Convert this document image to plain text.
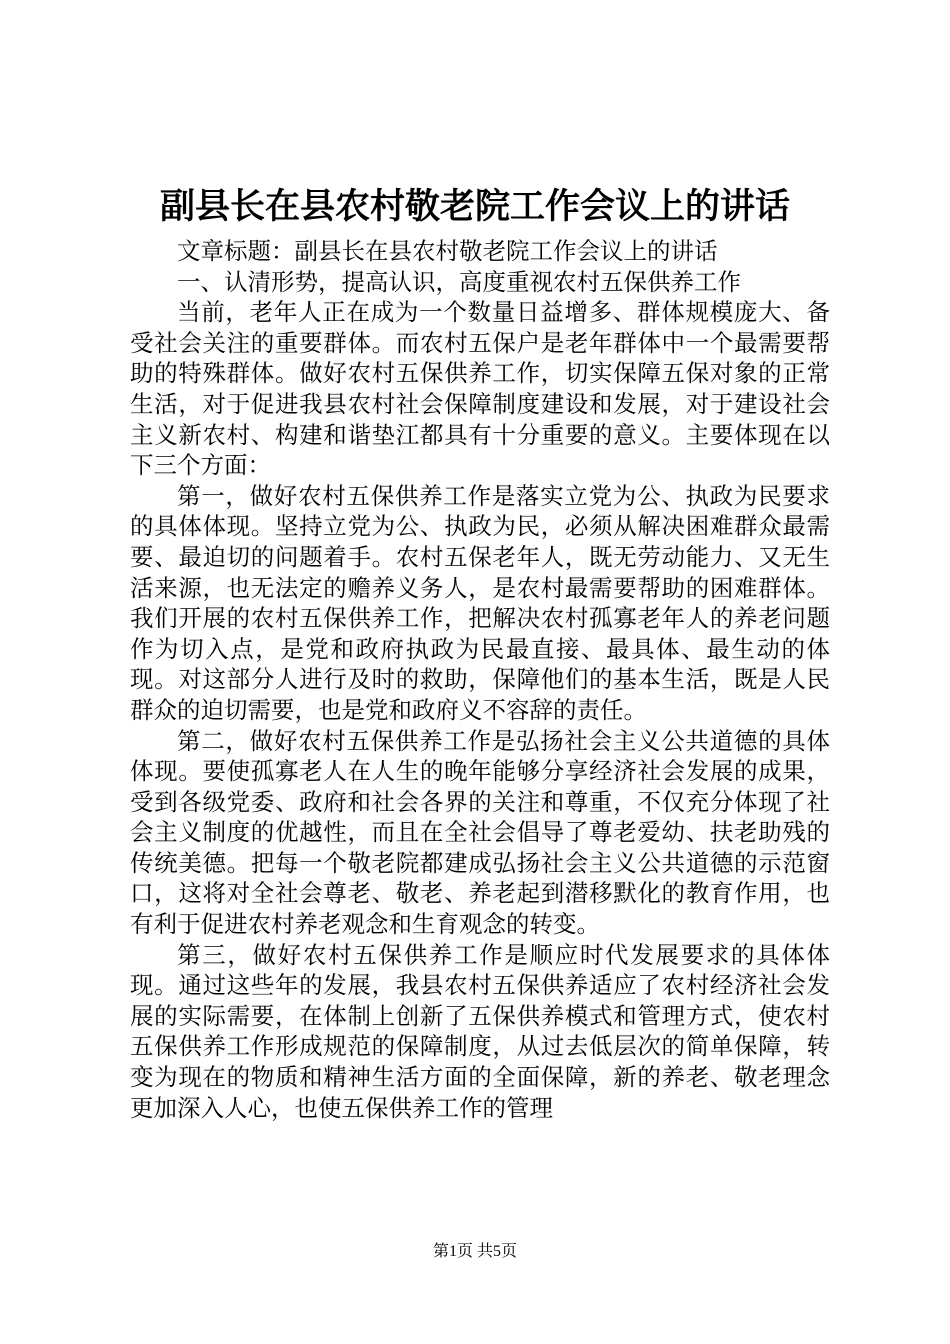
副县长在县农村敬老院工作会议上的讲话

文章标题：副县长在县农村敬老院工作会议上的讲话

一、认清形势，提高认识，高度重视农村五保供养工作

当前，老年人正在成为一个数量日益增多、群体规模庞大、备受社会关注的重要群体。而农村五保户是老年群体中一个最需要帮助的特殊群体。做好农村五保供养工作，切实保障五保对象的正常生活，对于促进我县农村社会保障制度建设和发展，对于建设社会主义新农村、构建和谐垫江都具有十分重要的意义。主要体现在以下三个方面：

第一，做好农村五保供养工作是落实立党为公、执政为民要求的具体体现。坚持立党为公、执政为民，必须从解决困难群众最需要、最迫切的问题着手。农村五保老年人，既无劳动能力、又无生活来源，也无法定的赡养义务人，是农村最需要帮助的困难群体。我们开展的农村五保供养工作，把解决农村孤寡老年人的养老问题作为切入点，是党和政府执政为民最直接、最具体、最生动的体现。对这部分人进行及时的救助，保障他们的基本生活，既是人民群众的迫切需要，也是党和政府义不容辞的责任。

第二，做好农村五保供养工作是弘扬社会主义公共道德的具体体现。要使孤寡老人在人生的晚年能够分享经济社会发展的成果，受到各级党委、政府和社会各界的关注和尊重，不仅充分体现了社会主义制度的优越性，而且在全社会倡导了尊老爱幼、扶老助残的传统美德。把每一个敬老院都建成弘扬社会主义公共道德的示范窗口，这将对全社会尊老、敬老、养老起到潜移默化的教育作用，也有利于促进农村养老观念和生育观念的转变。

第三，做好农村五保供养工作是顺应时代发展要求的具体体现。通过这些年的发展，我县农村五保供养适应了农村经济社会发展的实际需要，在体制上创新了五保供养模式和管理方式，使农村五保供养工作形成规范的保障制度，从过去低层次的简单保障，转变为现在的物质和精神生活方面的全面保障，新的养老、敬老理念更加深入人心，也使五保供养工作的管理

第1页 共5页
